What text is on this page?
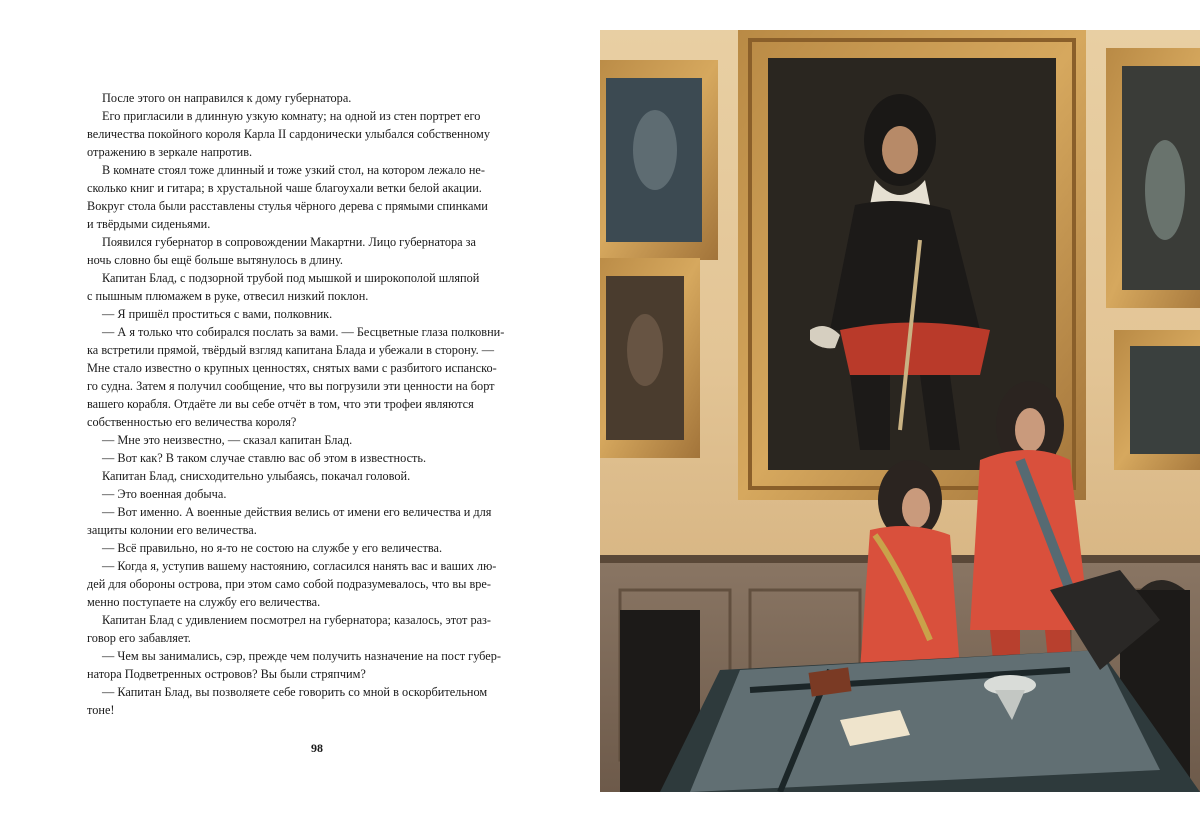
После этого он направился к дому губернатора.

Его пригласили в длинную узкую комнату; на одной из стен портрет его

величества покойного короля Карла II сардонически улыбался собственному

отражению в зеркале напротив.

В комнате стоял тоже длинный и тоже узкий стол, на котором лежало не-

сколько книг и гитара; в хрустальной чаше благоухали ветки белой акации.

Вокруг стола были расставлены стулья чёрного дерева с прямыми спинками

и твёрдыми сиденьями.

Появился губернатор в сопровождении Макартни. Лицо губернатора за

ночь словно бы ещё больше вытянулось в длину.

Капитан Блад, с подзорной трубой под мышкой и широкополой шляпой

с пышным плюмажем в руке, отвесил низкий поклон.

— Я пришёл проститься с вами, полковник.

— А я только что собирался послать за вами. — Бесцветные глаза полковни-

ка встретили прямой, твёрдый взгляд капитана Блада и убежали в сторону. —

Мне стало известно о крупных ценностях, снятых вами с разбитого испанско-

го судна. Затем я получил сообщение, что вы погрузили эти ценности на борт

вашего корабля. Отдаёте ли вы себе отчёт в том, что эти трофеи являются

собственностью его величества короля?

— Мне это неизвестно, — сказал капитан Блад.

— Вот как? В таком случае ставлю вас об этом в известность.

Капитан Блад, снисходительно улыбаясь, покачал головой.

— Это военная добыча.

— Вот именно. А военные действия велись от имени его величества и для

защиты колонии его величества.

— Всё правильно, но я-то не состою на службе у его величества.

— Когда я, уступив вашему настоянию, согласился нанять вас и ваших лю-

дей для обороны острова, при этом само собой подразумевалось, что вы вре-

менно поступаете на службу его величества.

Капитан Блад с удивлением посмотрел на губернатора; казалось, этот раз-

говор его забавляет.

— Чем вы занимались, сэр, прежде чем получить назначение на пост губер-

натора Подветренных островов? Вы были стряпчим?

— Капитан Блад, вы позволяете себе говорить со мной в оскорбительном

тоне!

98
